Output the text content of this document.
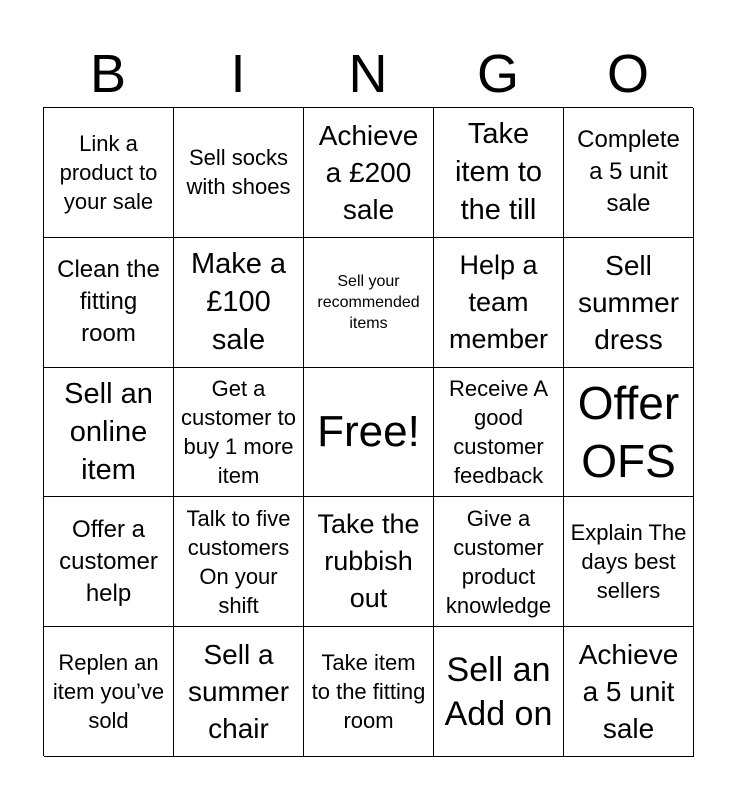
B	I	N	G	O
Link a product to your sale
Sell socks with shoes
Achieve a £200 sale
Take item to the till
Complete a 5 unit sale
Clean the fitting room
Make a £100 sale
Sell your recommended items
Help a team member
Sell summer dress
Sell an online item
Get a customer to buy 1 more item
Free!
Receive A good customer feedback
Offer OFS
Offer a customer help
Talk to five customers On your shift
Take the rubbish out
Give a customer product knowledge
Explain The days best sellers
Replen an item you’ve sold
Sell a summer chair
Take item to the fitting room
Sell an Add on
Achieve a 5 unit sale
